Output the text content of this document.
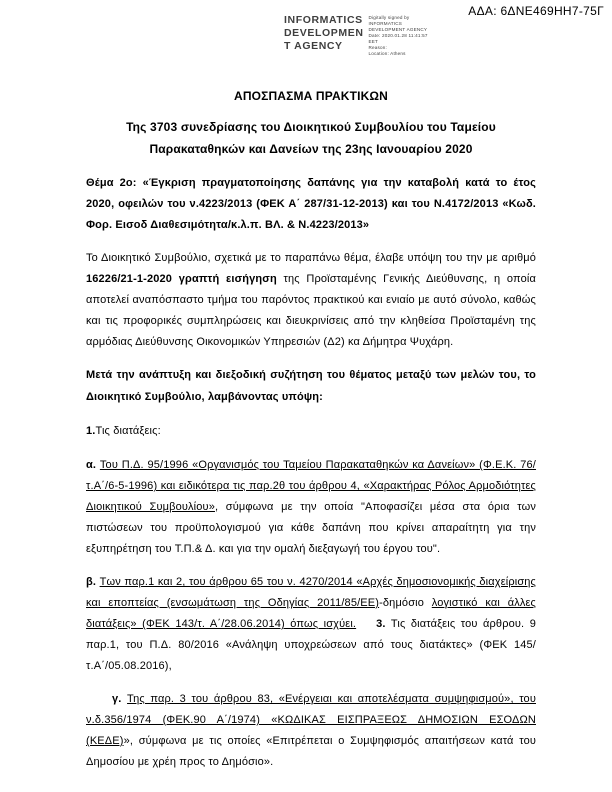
ΑΔΑ: 6ΔΝΕ469ΗΗ7-75Γ
INFORMATICS
DEVELOPMEN
T AGENCY
Digitally signed by
INFORMATICS
DEVELOPMENT AGENCY
Date: 2020.01.28 11:41:57
EET
Reason:
Location: Athens
ΑΠΟΣΠΑΣΜΑ ΠΡΑΚΤΙΚΩΝ
Της 3703 συνεδρίασης του Διοικητικού Συμβουλίου του Ταμείου Παρακαταθηκών και Δανείων της 23ης Ιανουαρίου 2020

Θέμα 2ο: «Έγκριση πραγματοποίησης δαπάνης για την καταβολή κατά το έτος 2020, οφειλών του ν.4223/2013 (ΦΕΚ Α΄ 287/31-12-2013) και του Ν.4172/2013 «Κωδ. Φορ. Εισοδ Διαθεσιμότητα/κ.λ.π. ΒΛ. & Ν.4223/2013»

Το Διοικητικό Συμβούλιο, σχετικά με το παραπάνω θέμα, έλαβε υπόψη του την με αριθμό 16226/21-1-2020 γραπτή εισήγηση της Προϊσταμένης Γενικής Διεύθυνσης, η οποία αποτελεί αναπόσπαστο τμήμα του παρόντος πρακτικού και ενιαίο με αυτό σύνολο, καθώς και τις προφορικές συμπληρώσεις και διευκρινίσεις από την κληθείσα Προϊσταμένη της αρμόδιας Διεύθυνσης Οικονομικών Υπηρεσιών (Δ2) κα Δήμητρα Ψυχάρη.

Μετά την ανάπτυξη και διεξοδική συζήτηση του θέματος μεταξύ των μελών του, το Διοικητικό Συμβούλιο, λαμβάνοντας υπόψη:

1.Τις διατάξεις:

α. Του Π.Δ. 95/1996 «Οργανισμός του Ταμείου Παρακαταθηκών κα Δανείων» (Φ.Ε.Κ. 76/τ.Α΄/6-5-1996) και ειδικότερα τις παρ.2θ του άρθρου 4, «Χαρακτήρας Ρόλος Αρμοδιότητες Διοικητικού Συμβουλίου», σύμφωνα με την οποία "Αποφασίζει μέσα στα όρια των πιστώσεων του προϋπολογισμού για κάθε δαπάνη που κρίνει απαραίτητη για την εξυπηρέτηση του Τ.Π.& Δ. και για την ομαλή διεξαγωγή του έργου του".

β. Των παρ.1 και 2, του άρθρου 65 του ν. 4270/2014 «Αρχές δημοσιονομικής διαχείρισης και εποπτείας (ενσωμάτωση της Οδηγίας 2011/85/ΕΕ)-δημόσιο λογιστικό και άλλες διατάξεις» (ΦΕΚ 143/τ. Α΄/28.06.2014) όπως ισχύει. 3. Τις διατάξεις του άρθρου. 9 παρ.1, του Π.Δ. 80/2016 «Ανάληψη υποχρεώσεων από τους διατάκτες» (ΦΕΚ 145/τ.Α΄/05.08.2016),

γ. Της παρ. 3 του άρθρου 83, «Ενέργειαι και αποτελέσματα συμψηφισμού», του ν.δ.356/1974 (ΦΕΚ.90 Α΄/1974) «ΚΩΔΙΚΑΣ ΕΙΣΠΡΑΞΕΩΣ ΔΗΜΟΣΙΩΝ ΕΣΟΔΩΝ (ΚΕΔΕ)», σύμφωνα με τις οποίες «Επιτρέπεται ο Συμψηφισμός απαιτήσεων κατά του Δημοσίου με χρέη προς το Δημόσιο».
